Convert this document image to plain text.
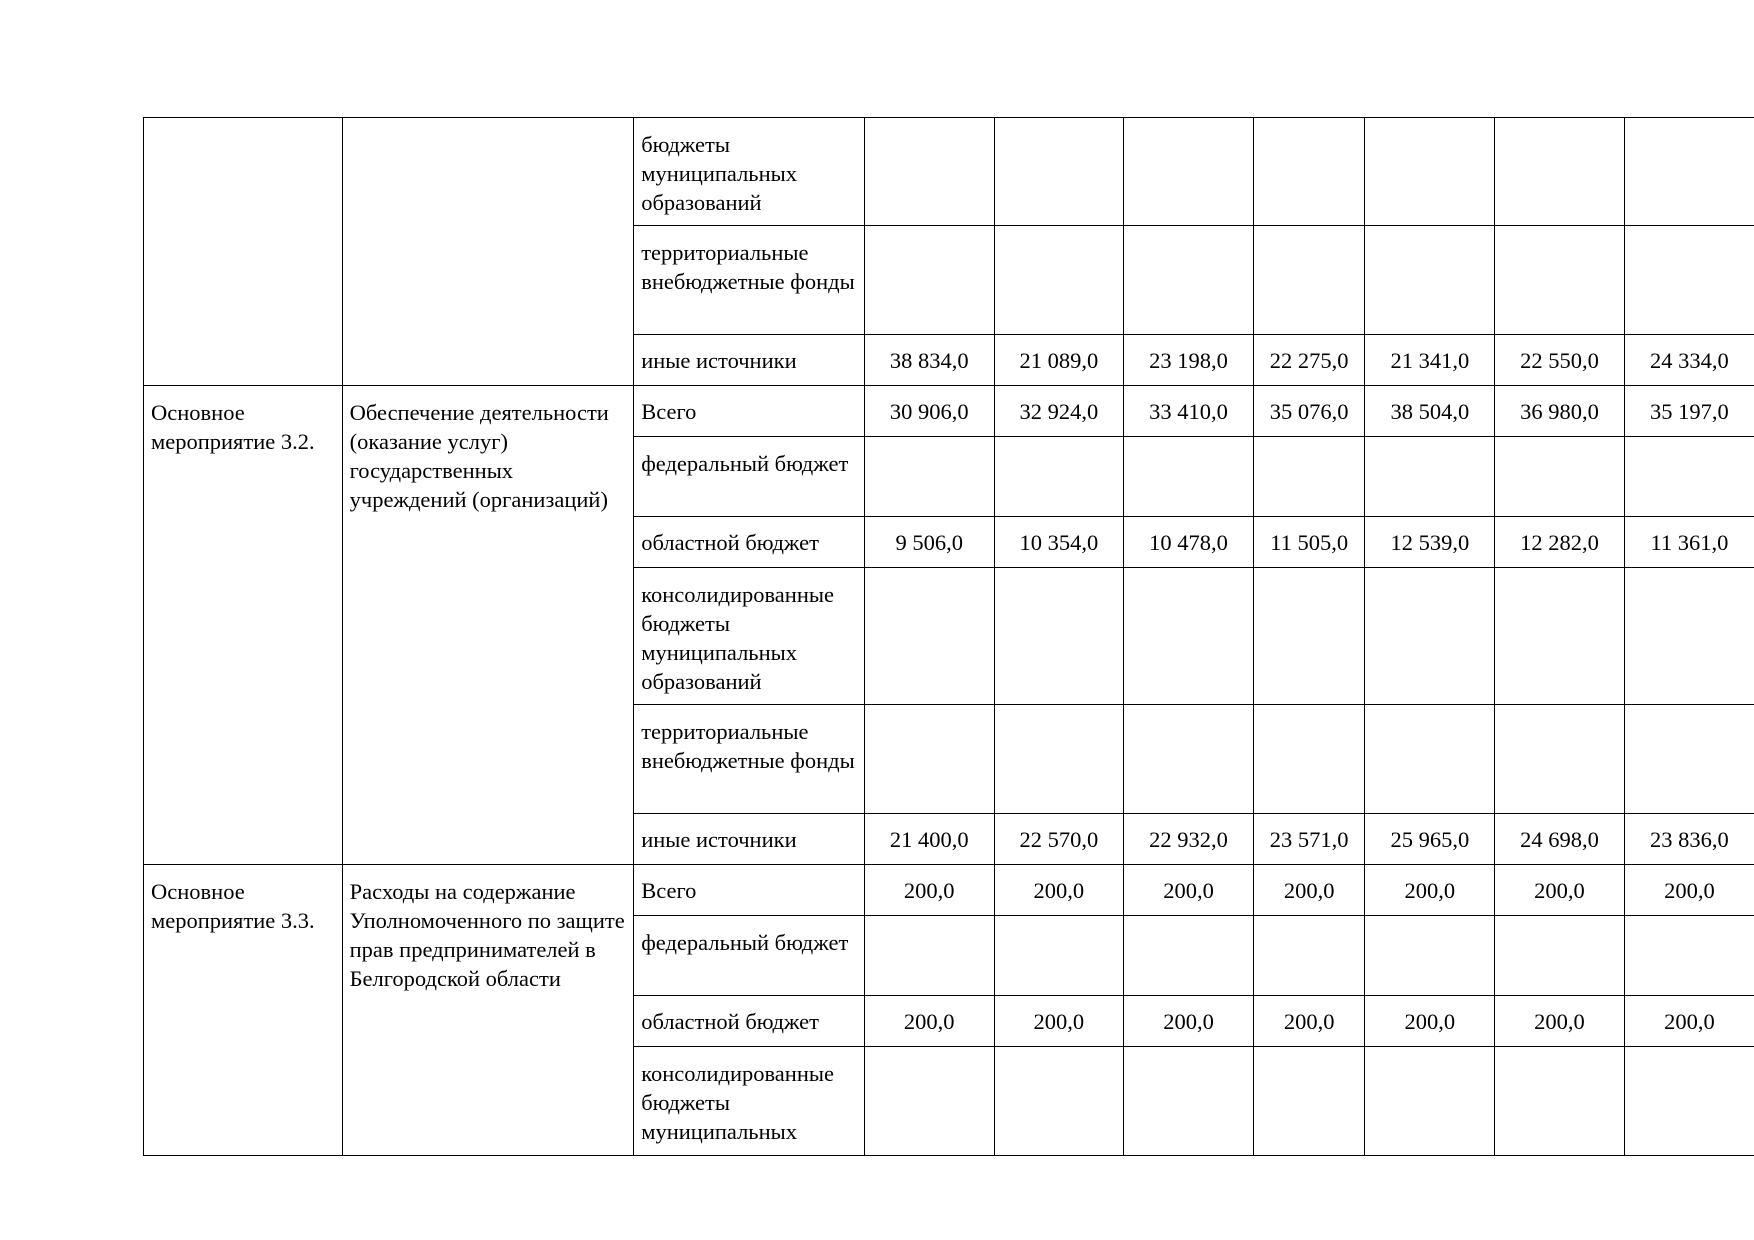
		бюджеты муниципальных образований							
		территориальные внебюджетные фонды							
		иные источники	38 834,0	21 089,0	23 198,0	22 275,0	21 341,0	22 550,0	24 334,0
Основное мероприятие 3.2.	Обеспечение деятельности (оказание услуг) государственных учреждений (организаций)	Всего	30 906,0	32 924,0	33 410,0	35 076,0	38 504,0	36 980,0	35 197,0
		федеральный бюджет							
		областной бюджет	9 506,0	10 354,0	10 478,0	11 505,0	12 539,0	12 282,0	11 361,0
		консолидированные бюджеты муниципальных образований							
		территориальные внебюджетные фонды							
		иные источники	21 400,0	22 570,0	22 932,0	23 571,0	25 965,0	24 698,0	23 836,0
Основное мероприятие 3.3.	Расходы на содержание Уполномоченного по защите прав предпринимателей в Белгородской области	Всего	200,0	200,0	200,0	200,0	200,0	200,0	200,0
		федеральный бюджет							
		областной бюджет	200,0	200,0	200,0	200,0	200,0	200,0	200,0
		консолидированные бюджеты муниципальных							
